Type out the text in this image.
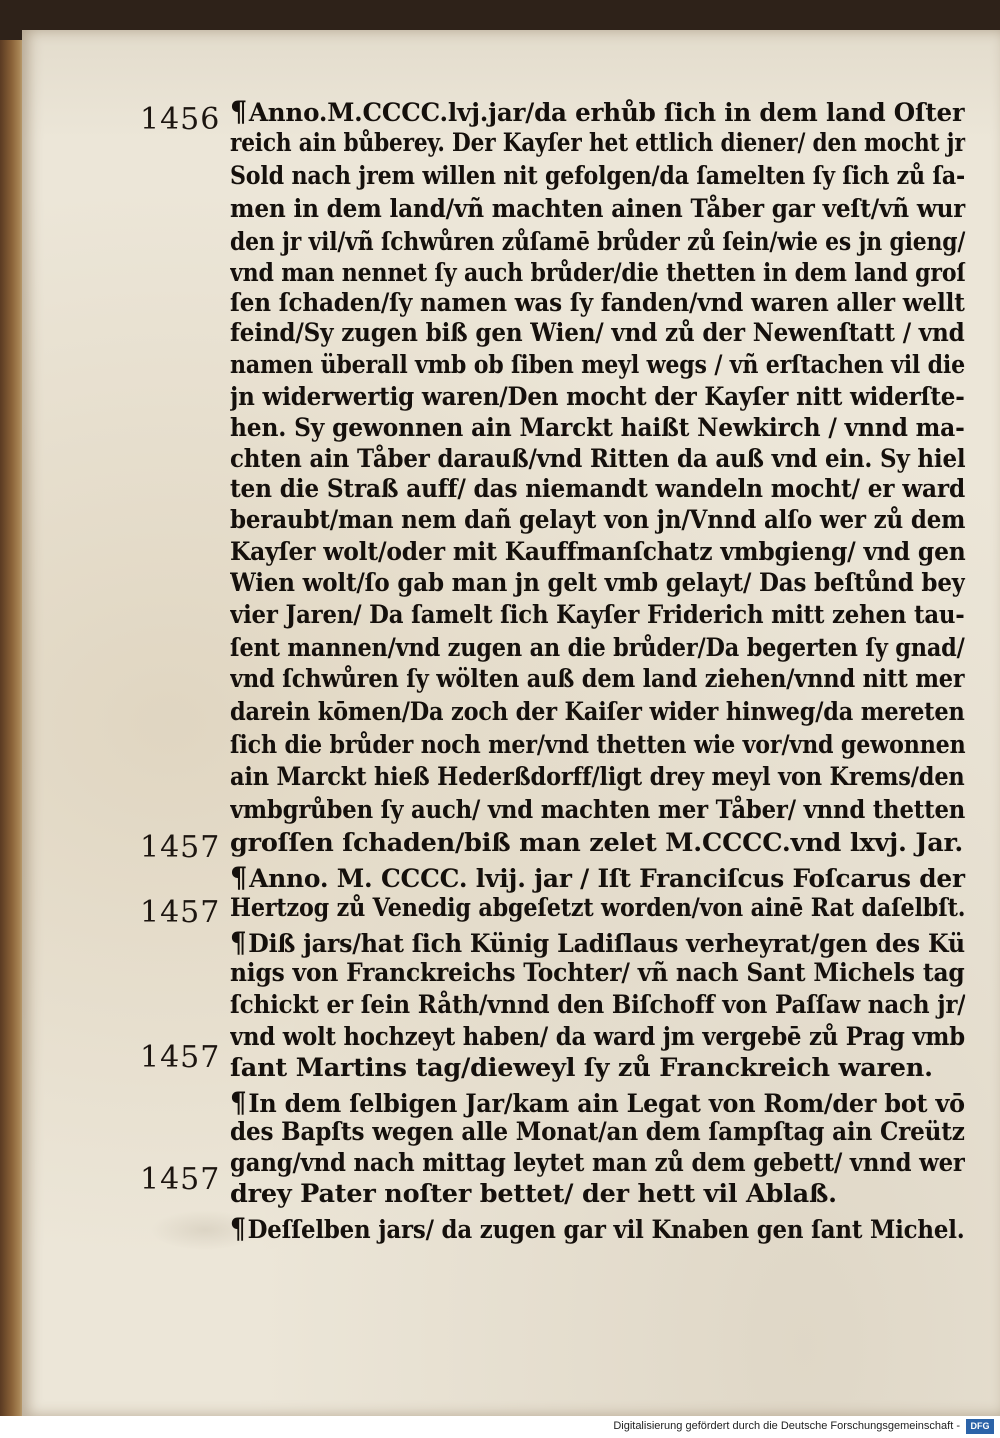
1456
1457
1457
1457
1457
¶Anno.M.CCCC.lvj.jar/da erhůb ſich in dem land Oſter
reich ain bůberey. Der Kayſer het ettlich diener/ den mocht jr
Sold nach jrem willen nit gefolgen/da ſamelten ſy ſich zů ſa-
men in dem land/vñ machten ainen Tåber gar veſt/vñ wur
den jr vil/vñ ſchwůren zůſamē brůder zů ſein/wie es jn gieng/
vnd man nennet ſy auch brůder/die thetten in dem land groſ
ſen ſchaden/ſy namen was ſy fanden/vnd waren aller wellt
feind/Sy zugen biß gen Wien/ vnd zů der Newenſtatt / vnd
namen überall vmb ob ſiben meyl wegs / vñ erſtachen vil die
jn widerwertig waren/Den mocht der Kayſer nitt widerſte-
hen. Sy gewonnen ain Marckt haißt Newkirch / vnnd ma-
chten ain Tåber darauß/vnd Ritten da auß vnd ein. Sy hiel
ten die Straß auff/ das niemandt wandeln mocht/ er ward
beraubt/man nem dañ gelayt von jn/Vnnd alſo wer zů dem
Kayſer wolt/oder mit Kauffmanſchatz vmbgieng/ vnd gen
Wien wolt/ſo gab man jn gelt vmb gelayt/ Das beſtůnd bey
vier Jaren/ Da ſamelt ſich Kayſer Friderich mitt zehen tau-
ſent mannen/vnd zugen an die brůder/Da begerten ſy gnad/
vnd ſchwůren ſy wölten auß dem land ziehen/vnnd nitt mer
darein kōmen/Da zoch der Kaiſer wider hinweg/da mereten
ſich die brůder noch mer/vnd thetten wie vor/vnd gewonnen
ain Marckt hieß Hederßdorff/ligt drey meyl von Krems/den
vmbgrůben ſy auch/ vnd machten mer Tåber/ vnnd thetten
groſſen ſchaden/biß man zelet M.CCCC.vnd lxvj. Jar.
¶Anno. M. CCCC. lvij. jar / Iſt Franciſcus Foſcarus der
Hertzog zů Venedig abgeſetzt worden/von ainē Rat daſelbſt.
¶Diß jars/hat ſich Künig Ladiſlaus verheyrat/gen des Kü
nigs von Franckreichs Tochter/ vñ nach Sant Michels tag
ſchickt er ſein Råth/vnnd den Biſchoff von Paſſaw nach jr/
vnd wolt hochzeyt haben/ da ward jm vergebē zů Prag vmb
ſant Martins tag/dieweyl ſy zů Franckreich waren.
¶In dem ſelbigen Jar/kam ain Legat von Rom/der bot vō
des Bapſts wegen alle Monat/an dem ſampſtag ain Creütz
gang/vnd nach mittag leytet man zů dem gebett/ vnnd wer
drey Pater noſter bettet/ der hett vil Ablaß.
¶Deſſelben jars/ da zugen gar vil Knaben gen ſant Michel.
Digitalisierung gefördert durch die Deutsche Forschungsgemeinschaft -	DFG
